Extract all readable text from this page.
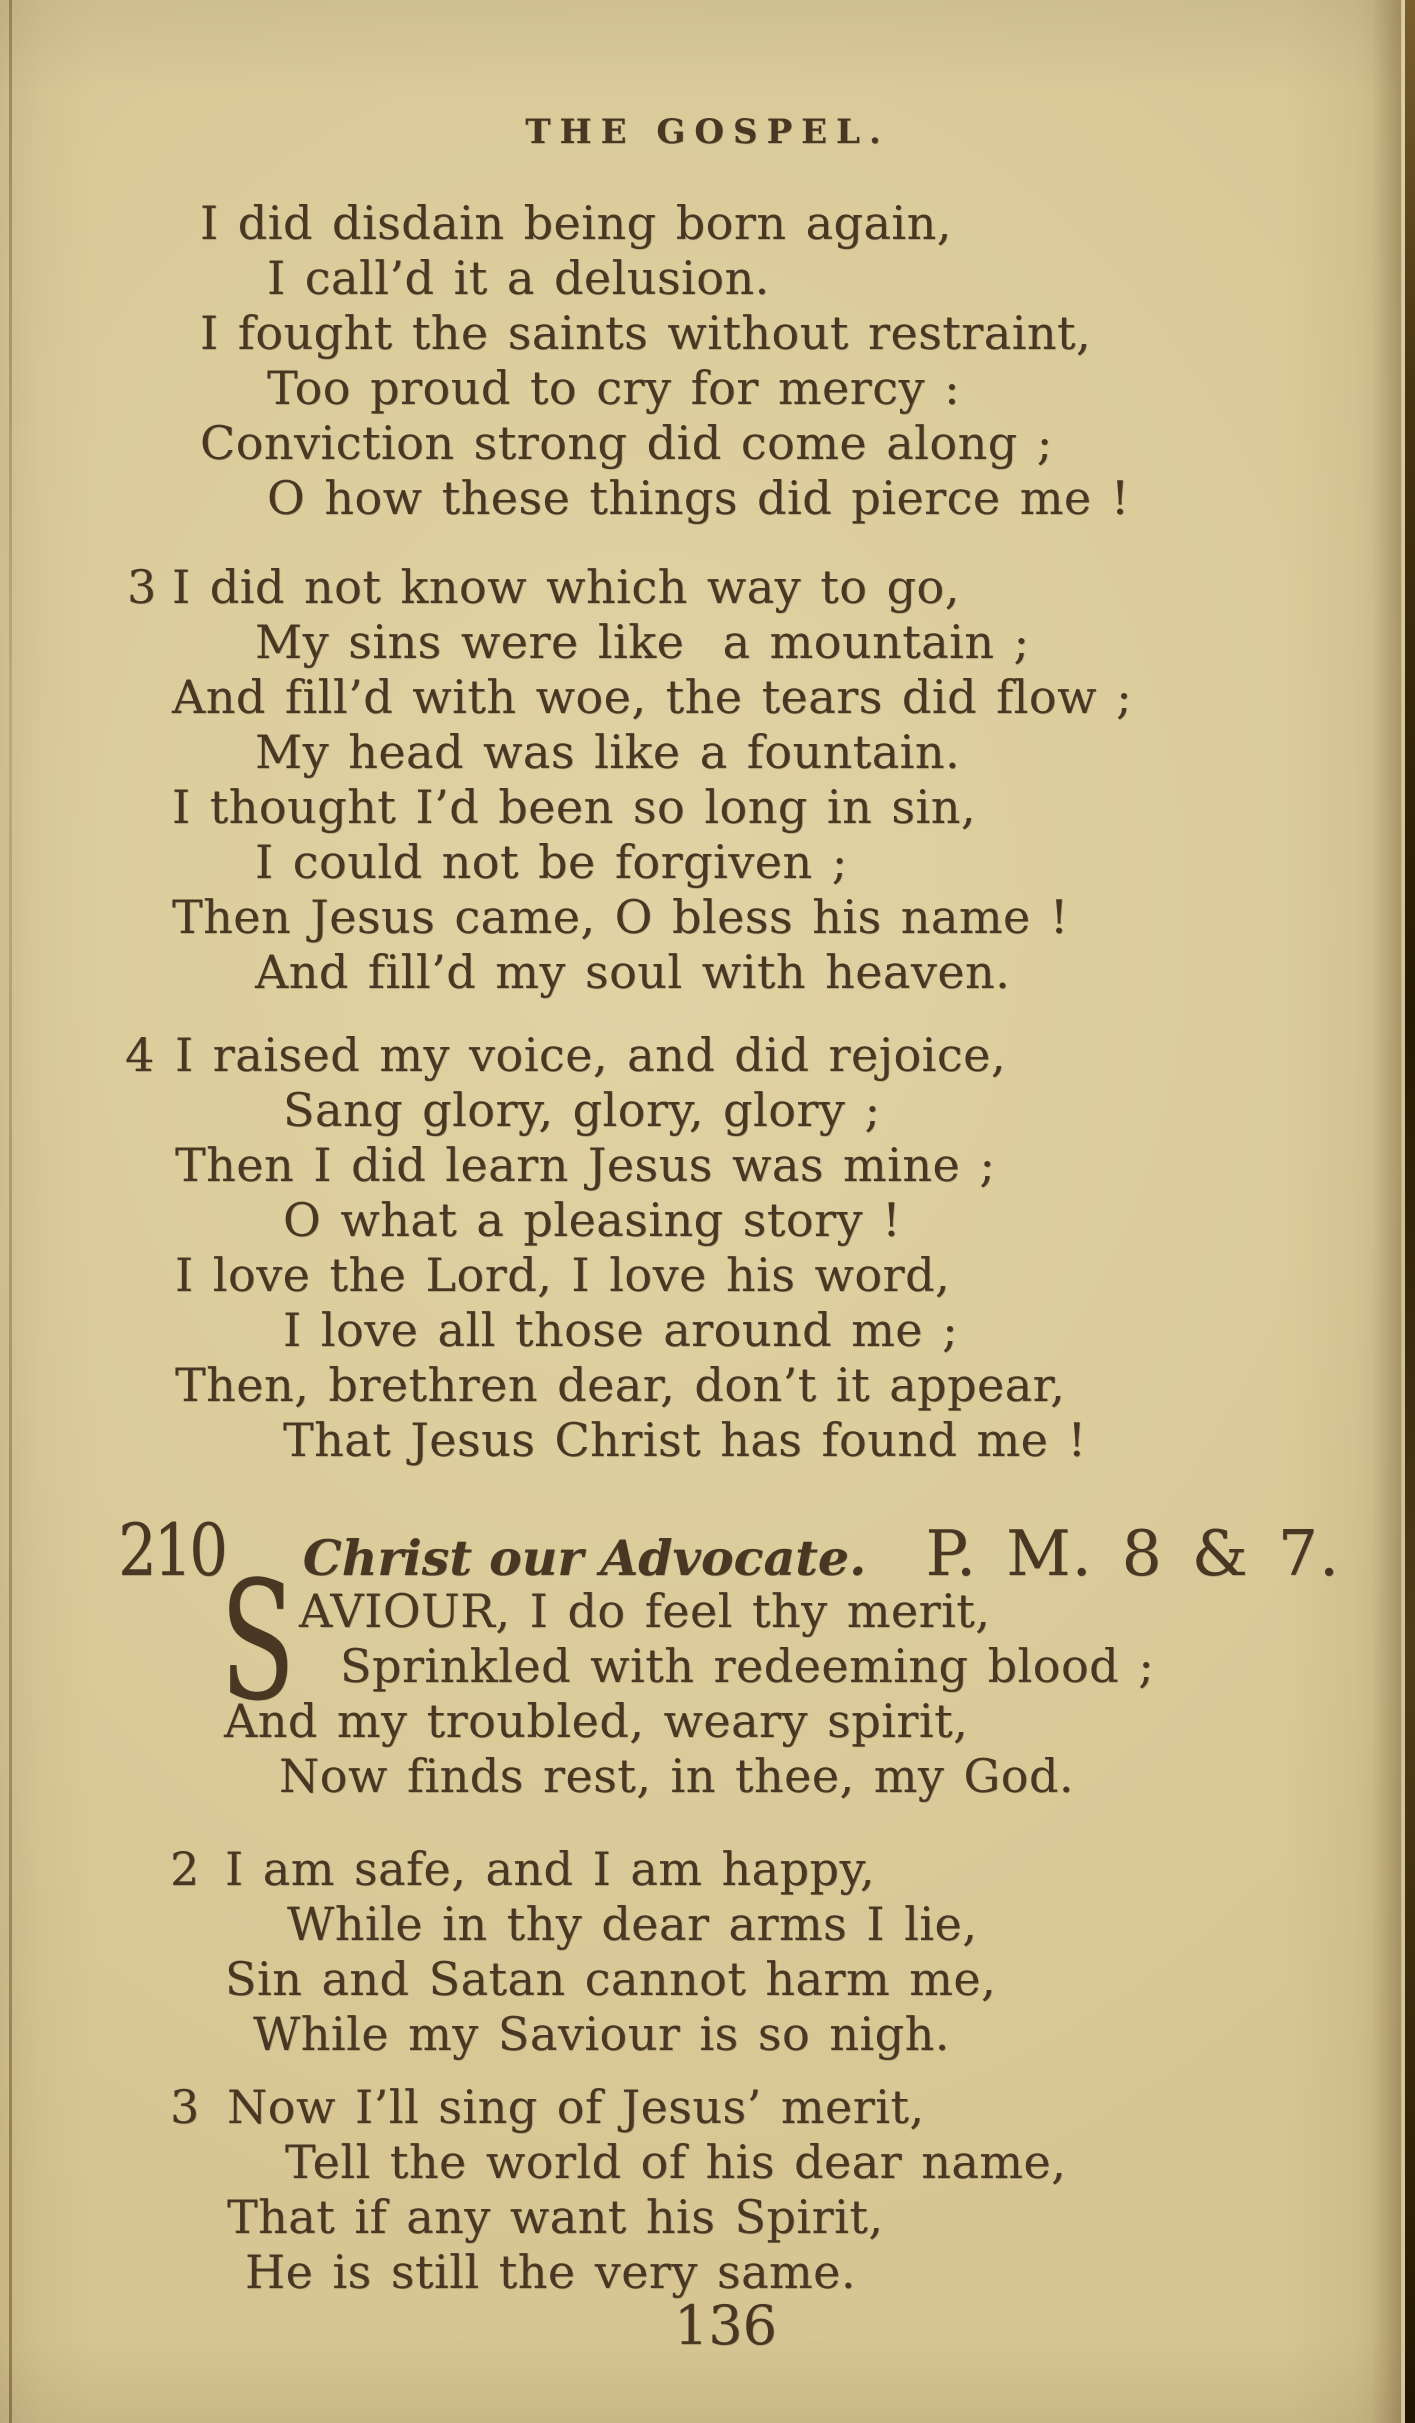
THE GOSPEL.
I did disdain being born again,
I call’d it a delusion.
I fought the saints without restraint,
Too proud to cry for mercy :
Conviction strong did come along ;
O how these things did pierce me !
3 I did not know which way to go,
My sins were like  a mountain ;
And fill’d with woe, the tears did flow ;
My head was like a fountain.
I thought I’d been so long in sin,
I could not be forgiven ;
Then Jesus came, O bless his name !
And fill’d my soul with heaven.
4 I raised my voice, and did rejoice,
Sang glory, glory, glory ;
Then I did learn Jesus was mine ;
O what a pleasing story !
I love the Lord, I love his word,
I love all those around me ;
Then, brethren dear, don’t it appear,
That Jesus Christ has found me !
210	Christ our Advocate. P. M. 8 & 7.
S AVIOUR, I do feel thy merit,
Sprinkled with redeeming blood ;
And my troubled, weary spirit,
Now finds rest, in thee, my God.
2 I am safe, and I am happy,
While in thy dear arms I lie,
Sin and Satan cannot harm me,
While my Saviour is so nigh.
3 Now I’ll sing of Jesus’ merit,
Tell the world of his dear name,
That if any want his Spirit,
He is still the very same.
136
